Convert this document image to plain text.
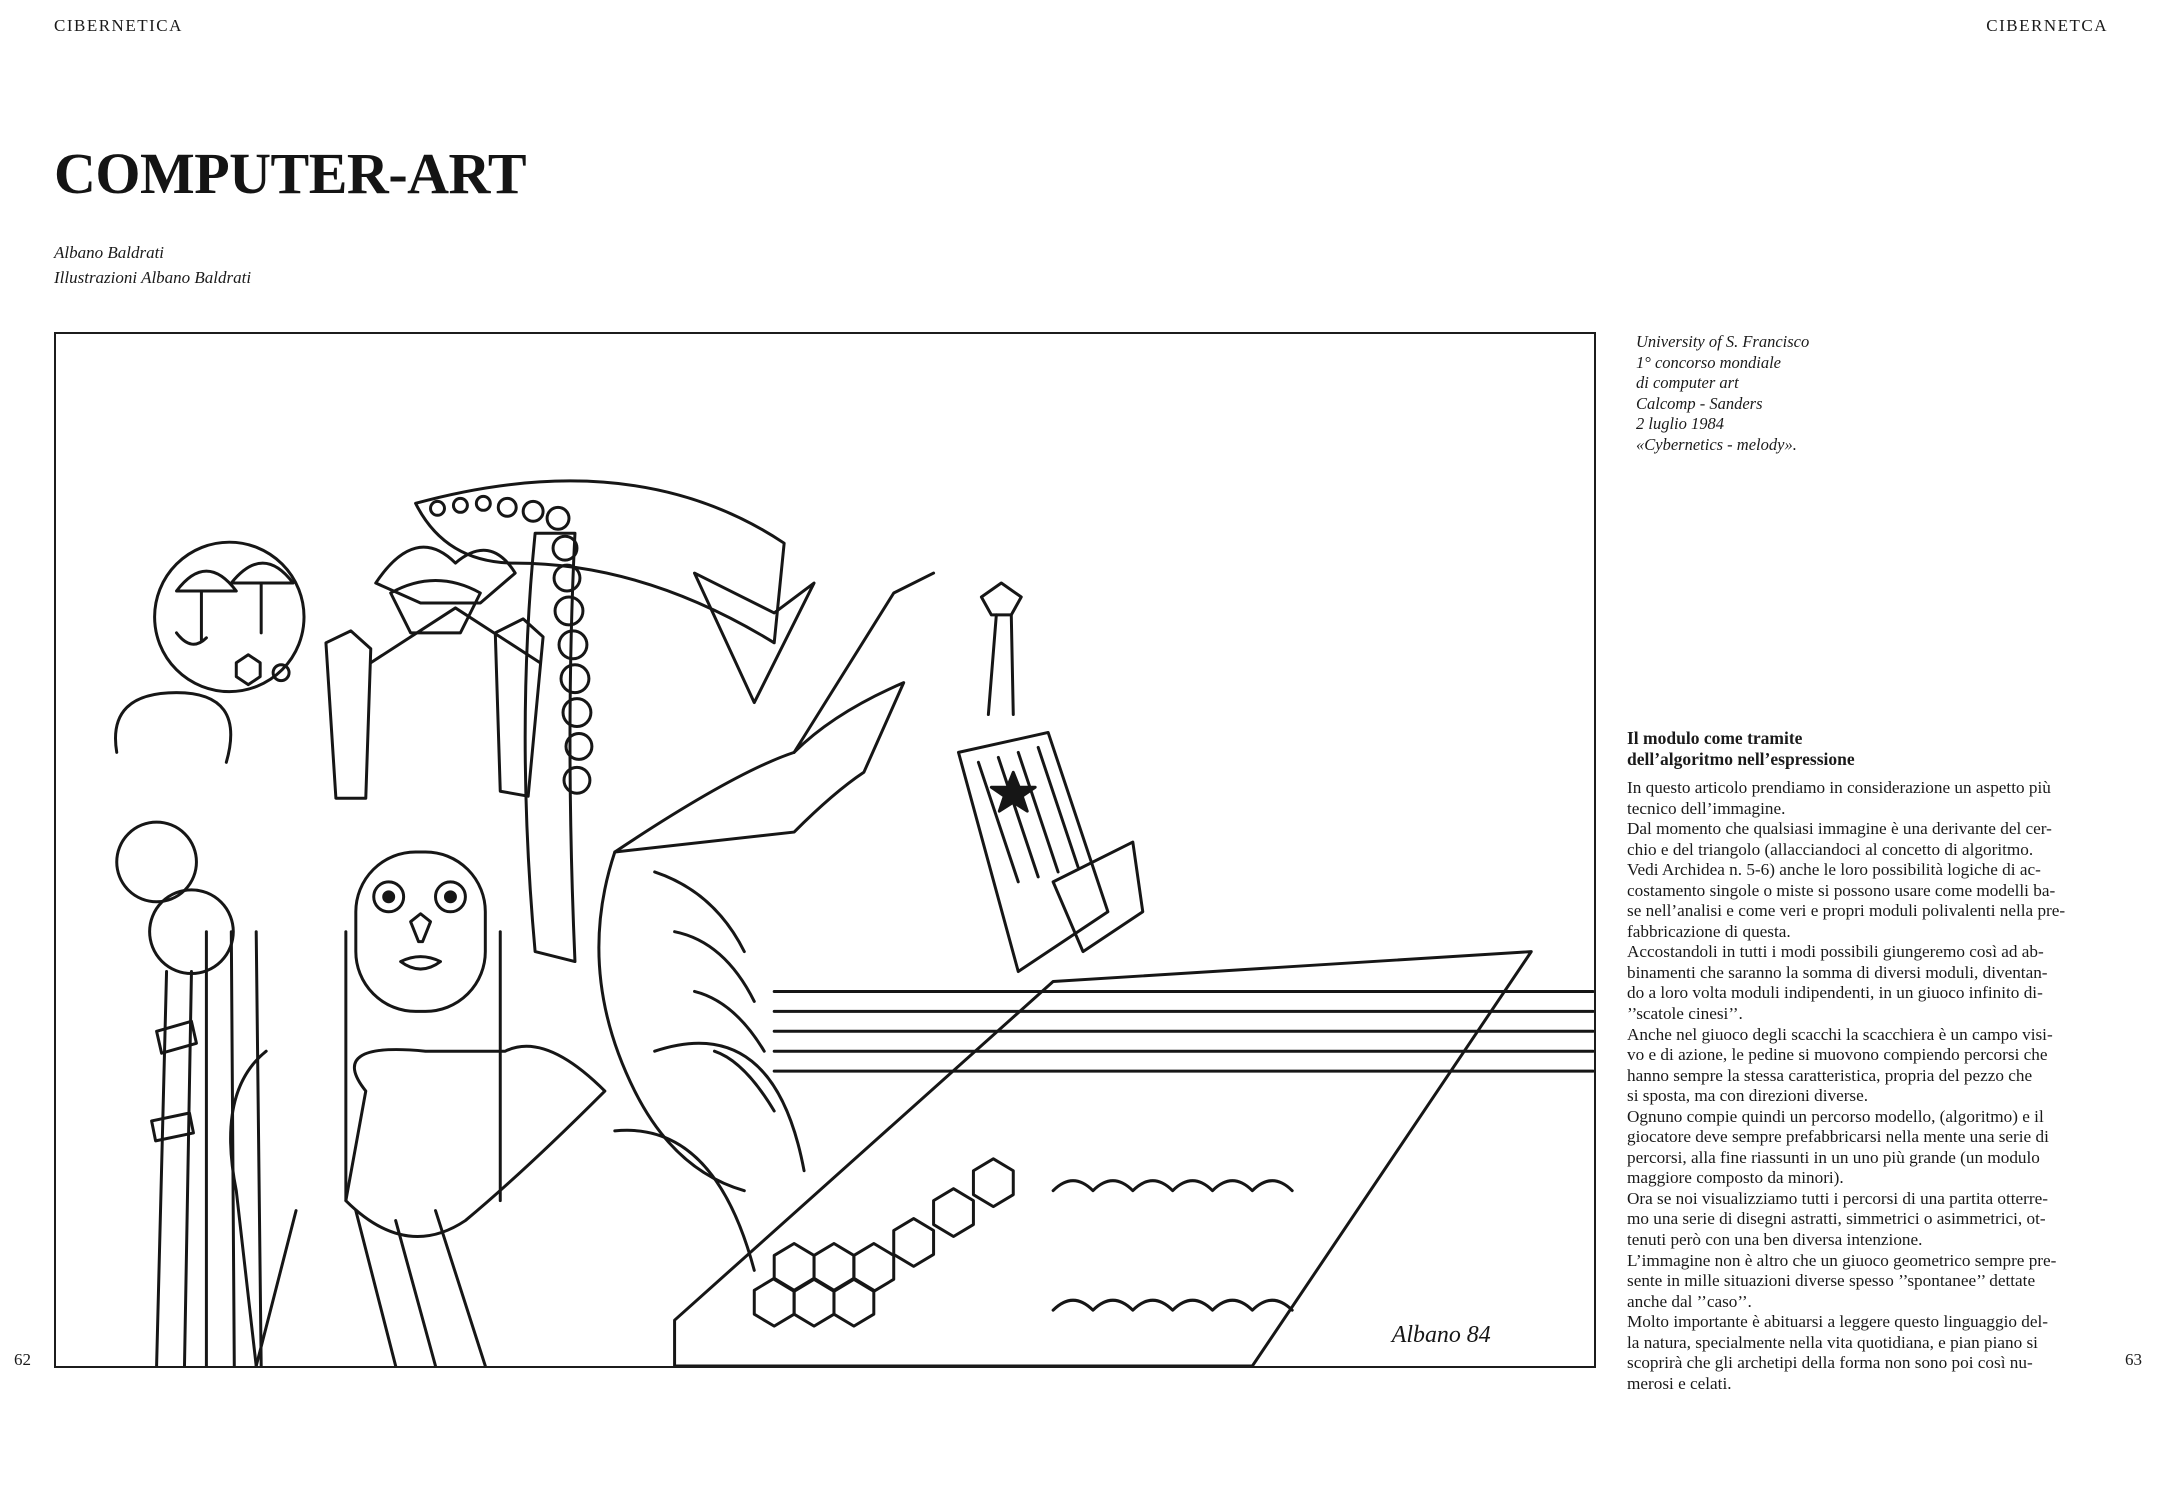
CIBERNETICA	CIBERNETCA
COMPUTER-ART
Albano Baldrati
Illustrazioni Albano Baldrati
Albano 84
University of S. Francisco
1° concorso mondiale
di computer art
Calcomp - Sanders
2 luglio 1984
«Cybernetics - melody».
Il modulo come tramite
dell’algoritmo nell’espressione
In questo articolo prendiamo in considerazione un aspetto più
tecnico dell’immagine.
Dal momento che qualsiasi immagine è una derivante del cer-
chio e del triangolo (allacciandoci al concetto di algoritmo.
Vedi Archidea n. 5-6) anche le loro possibilità logiche di ac-
costamento singole o miste si possono usare come modelli ba-
se nell’analisi e come veri e propri moduli polivalenti nella pre-
fabbricazione di questa.
Accostandoli in tutti i modi possibili giungeremo così ad ab-
binamenti che saranno la somma di diversi moduli, diventan-
do a loro volta moduli indipendenti, in un giuoco infinito di-
’’scatole cinesi’’.
Anche nel giuoco degli scacchi la scacchiera è un campo visi-
vo e di azione, le pedine si muovono compiendo percorsi che
hanno sempre la stessa caratteristica, propria del pezzo che
si sposta, ma con direzioni diverse.
Ognuno compie quindi un percorso modello, (algoritmo) e il
giocatore deve sempre prefabbricarsi nella mente una serie di
percorsi, alla fine riassunti in un uno più grande (un modulo
maggiore composto da minori).
Ora se noi visualizziamo tutti i percorsi di una partita otterre-
mo una serie di disegni astratti, simmetrici o asimmetrici, ot-
tenuti però con una ben diversa intenzione.
L’immagine non è altro che un giuoco geometrico sempre pre-
sente in mille situazioni diverse spesso ’’spontanee’’ dettate
anche dal ’’caso’’.
Molto importante è abituarsi a leggere questo linguaggio del-
la natura, specialmente nella vita quotidiana, e pian piano si
scoprirà che gli archetipi della forma non sono poi così nu-
merosi e celati.
62	63
